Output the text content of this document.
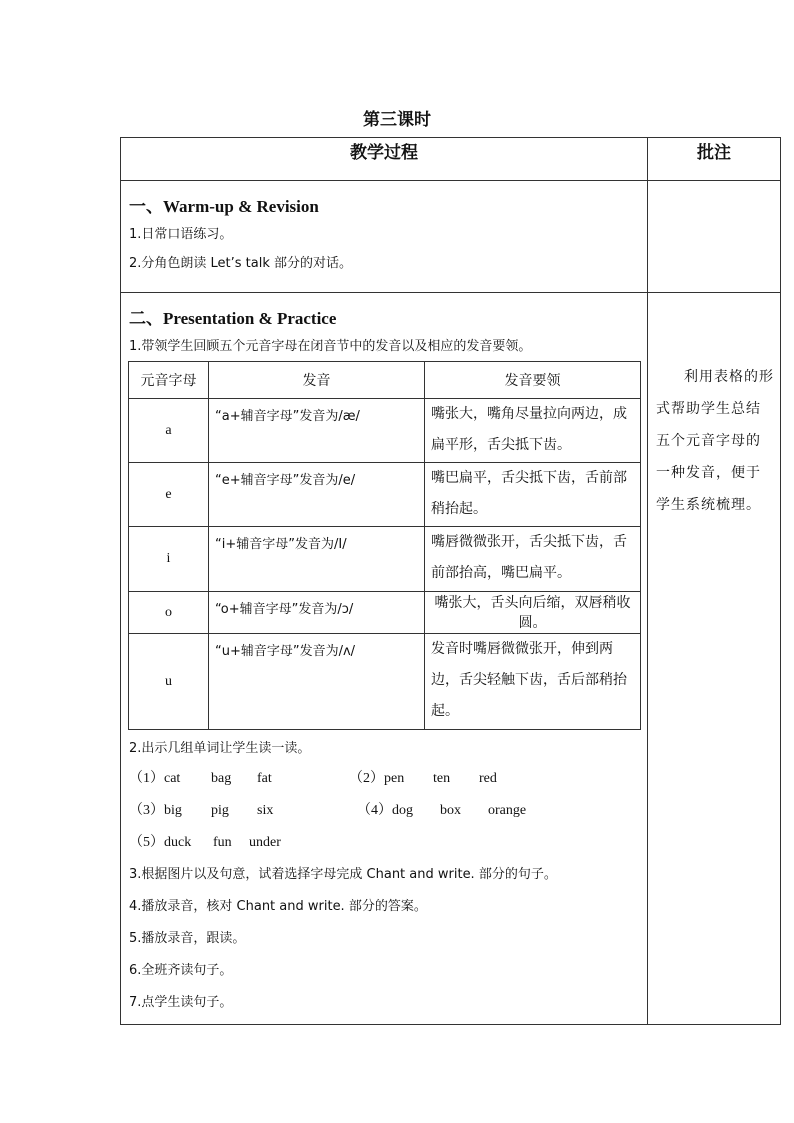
第三课时
教学过程	批注

一、Warm-up & Revision
1.日常口语练习。
2.分角色朗读 Let’s talk 部分的对话。

二、Presentation & Practice
1.带领学生回顾五个元音字母在闭音节中的发音以及相应的发音要领。
元音字母	发音	发音要领
a	“a+辅音字母”发音为/æ/	嘴张大，嘴角尽量拉向两边，成扁平形，舌尖抵下齿。
e	“e+辅音字母”发音为/e/	嘴巴扁平，舌尖抵下齿，舌前部稍抬起。
i	“i+辅音字母”发音为/I/	嘴唇微微张开，舌尖抵下齿，舌前部抬高，嘴巴扁平。
o	“o+辅音字母”发音为/ɔ/	嘴张大，舌头向后缩，双唇稍收圆。
u	“u+辅音字母”发音为/ʌ/	发音时嘴唇微微张开，伸到两边，舌尖轻触下齿，舌后部稍抬起。
2.出示几组单词让学生读一读。
（1）cat	bag	fat	（2）pen	ten	red
（3）big	pig	six	（4）dog	box	orange
（5）duck	fun	under
3.根据图片以及句意，试着选择字母完成 Chant and write. 部分的句子。
4.播放录音，核对 Chant and write. 部分的答案。
5.播放录音，跟读。
6.全班齐读句子。
7.点学生读句子。

利用表格的形式帮助学生总结五个元音字母的一种发音，便于学生系统梳理。
